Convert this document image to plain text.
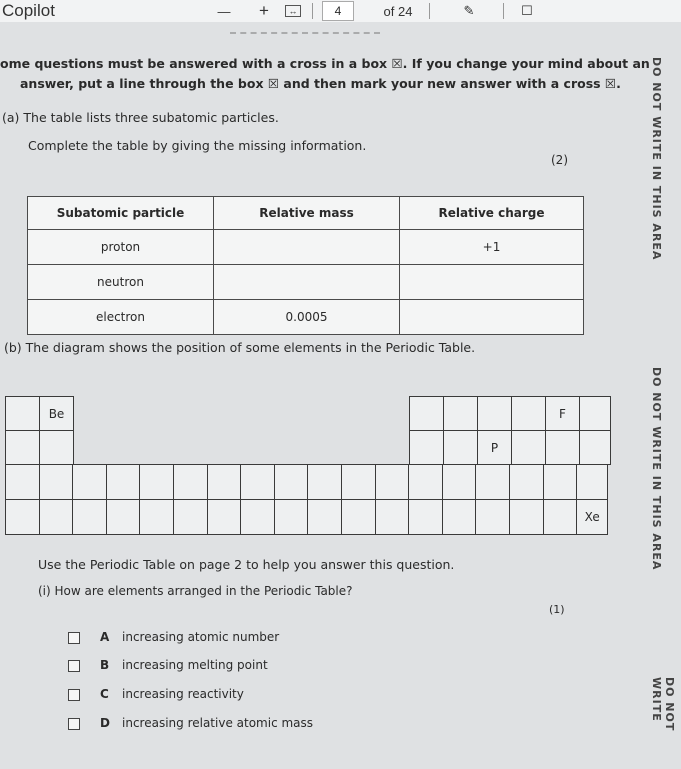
Copilot	— +	↔	4	of 24	✎	☐
ome questions must be answered with a cross in a box ☒. If you change your mind about an
answer, put a line through the box ☒ and then mark your new answer with a cross ☒.
(a) The table lists three subatomic particles.
Complete the table by giving the missing information.
(2)
(b) The diagram shows the position of some elements in the Periodic Table.
Use the Periodic Table on page 2 to help you answer this question.
(i) How are elements arranged in the Periodic Table?
(1)
DO NOT WRITE IN THIS AREA
DO NOT WRITE IN THIS AREA
DO NOT WRITE
Subatomic particle	Relative mass	Relative charge
proton		+1
neutron		
electron	0.0005	
Be	F
P
Xe
A increasing atomic number
B increasing melting point
C increasing reactivity
D increasing relative atomic mass
